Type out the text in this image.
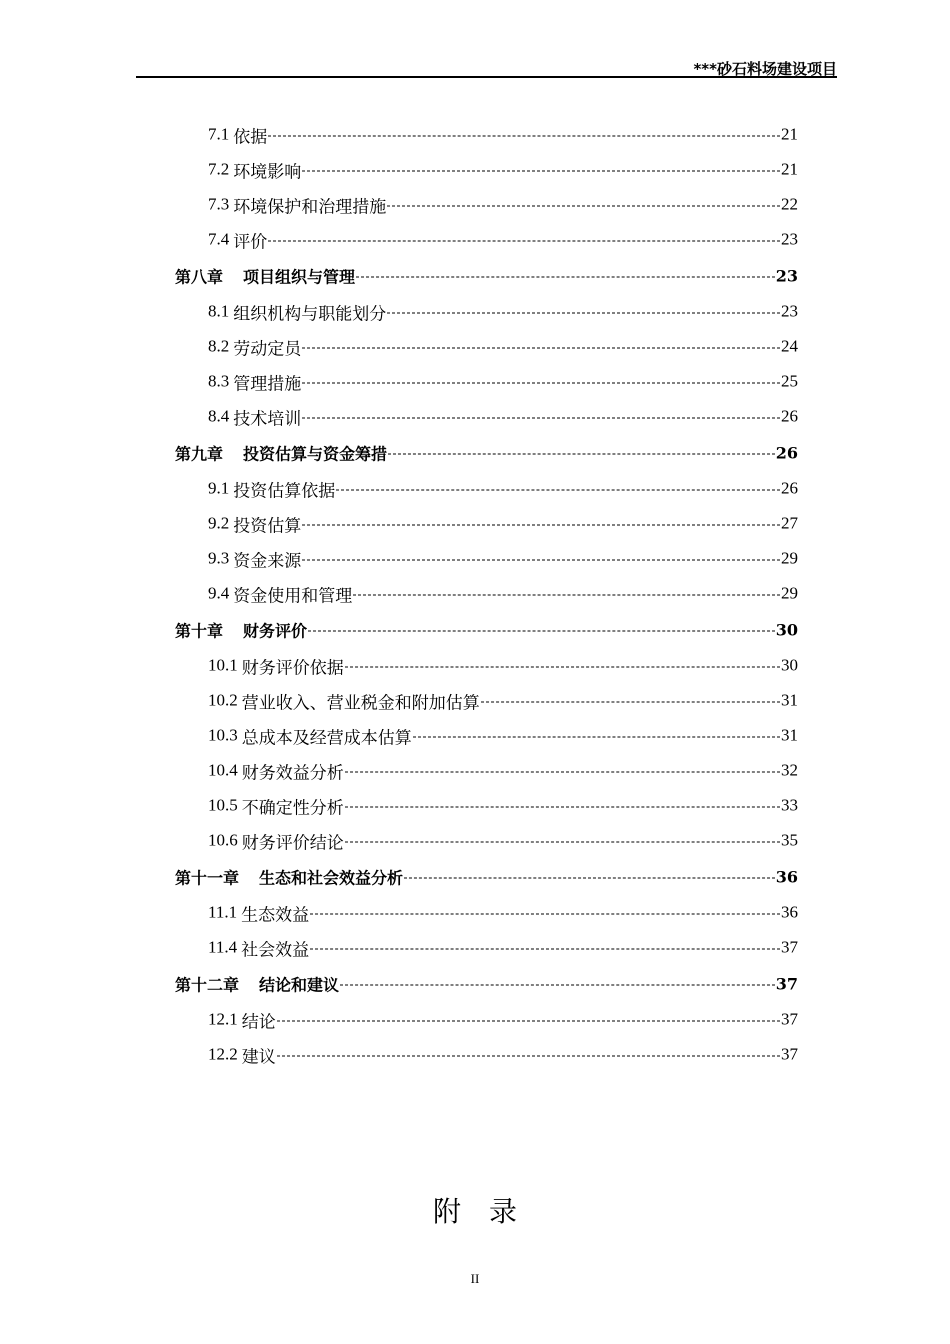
***砂石料场建设项目
7.1 依据	21
7.2 环境影响	21
7.3 环境保护和治理措施	22
7.4 评价	23
第八章 项目组织与管理	23
8.1 组织机构与职能划分	23
8.2 劳动定员	24
8.3 管理措施	25
8.4 技术培训	26
第九章 投资估算与资金筹措	26
9.1 投资估算依据	26
9.2 投资估算	27
9.3 资金来源	29
9.4 资金使用和管理	29
第十章 财务评价	30
10.1 财务评价依据	30
10.2 营业收入、营业税金和附加估算	31
10.3 总成本及经营成本估算	31
10.4 财务效益分析	32
10.5 不确定性分析	33
10.6 财务评价结论	35
第十一章 生态和社会效益分析	36
11.1 生态效益	36
11.4 社会效益	37
第十二章 结论和建议	37
12.1 结论	37
12.2 建议	37
附录
II
